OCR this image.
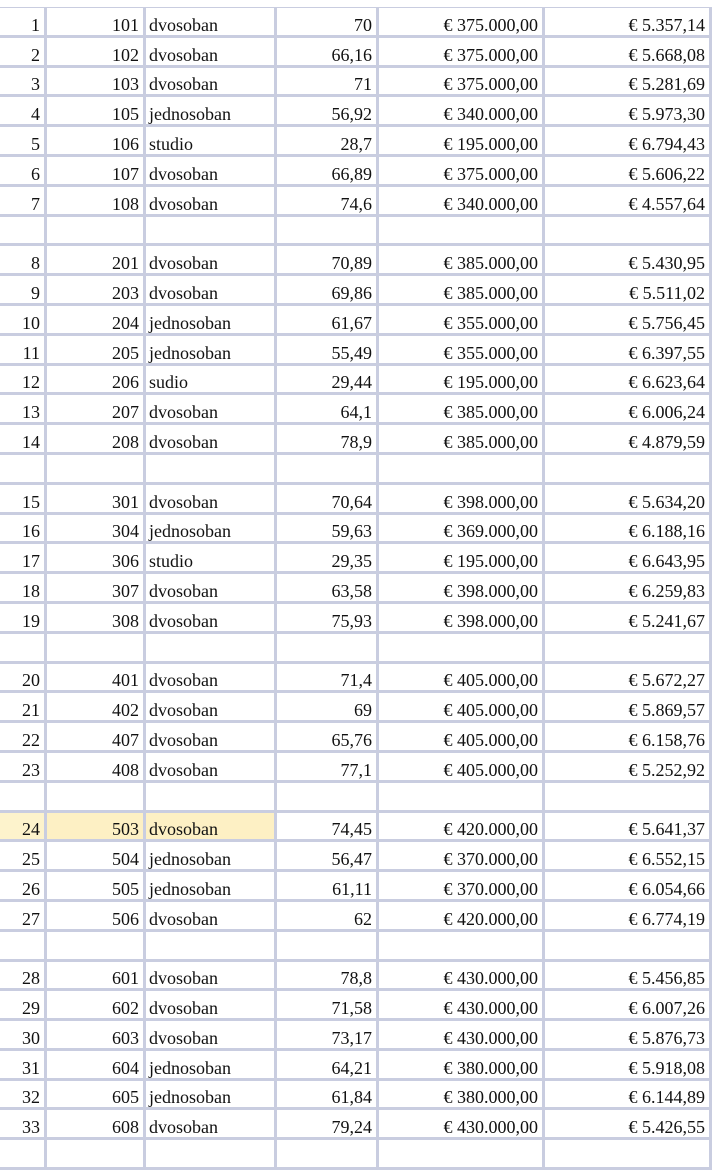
1	101	dvosoban	70	€ 375.000,00	€ 5.357,14
2	102	dvosoban	66,16	€ 375.000,00	€ 5.668,08
3	103	dvosoban	71	€ 375.000,00	€ 5.281,69
4	105	jednosoban	56,92	€ 340.000,00	€ 5.973,30
5	106	studio	28,7	€ 195.000,00	€ 6.794,43
6	107	dvosoban	66,89	€ 375.000,00	€ 5.606,22
7	108	dvosoban	74,6	€ 340.000,00	€ 4.557,64

8	201	dvosoban	70,89	€ 385.000,00	€ 5.430,95
9	203	dvosoban	69,86	€ 385.000,00	€ 5.511,02
10	204	jednosoban	61,67	€ 355.000,00	€ 5.756,45
11	205	jednosoban	55,49	€ 355.000,00	€ 6.397,55
12	206	sudio	29,44	€ 195.000,00	€ 6.623,64
13	207	dvosoban	64,1	€ 385.000,00	€ 6.006,24
14	208	dvosoban	78,9	€ 385.000,00	€ 4.879,59

15	301	dvosoban	70,64	€ 398.000,00	€ 5.634,20
16	304	jednosoban	59,63	€ 369.000,00	€ 6.188,16
17	306	studio	29,35	€ 195.000,00	€ 6.643,95
18	307	dvosoban	63,58	€ 398.000,00	€ 6.259,83
19	308	dvosoban	75,93	€ 398.000,00	€ 5.241,67

20	401	dvosoban	71,4	€ 405.000,00	€ 5.672,27
21	402	dvosoban	69	€ 405.000,00	€ 5.869,57
22	407	dvosoban	65,76	€ 405.000,00	€ 6.158,76
23	408	dvosoban	77,1	€ 405.000,00	€ 5.252,92

24	503	dvosoban	74,45	€ 420.000,00	€ 5.641,37
25	504	jednosoban	56,47	€ 370.000,00	€ 6.552,15
26	505	jednosoban	61,11	€ 370.000,00	€ 6.054,66
27	506	dvosoban	62	€ 420.000,00	€ 6.774,19

28	601	dvosoban	78,8	€ 430.000,00	€ 5.456,85
29	602	dvosoban	71,58	€ 430.000,00	€ 6.007,26
30	603	dvosoban	73,17	€ 430.000,00	€ 5.876,73
31	604	jednosoban	64,21	€ 380.000,00	€ 5.918,08
32	605	jednosoban	61,84	€ 380.000,00	€ 6.144,89
33	608	dvosoban	79,24	€ 430.000,00	€ 5.426,55
